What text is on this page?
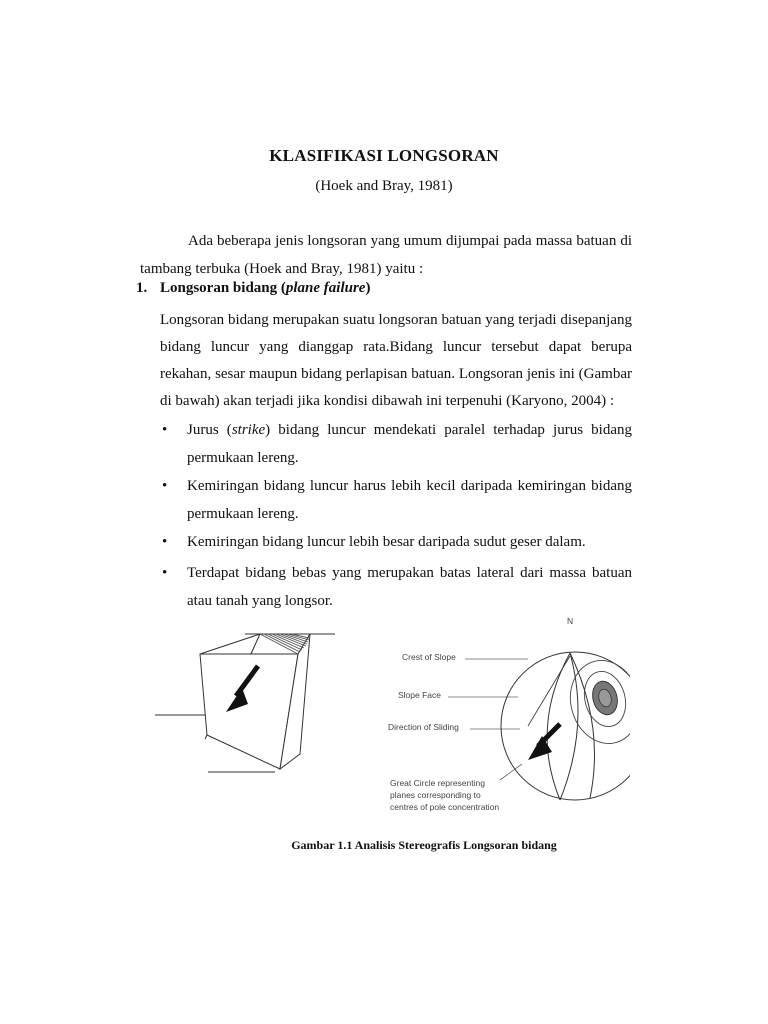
KLASIFIKASI LONGSORAN
(Hoek and Bray, 1981)
Ada beberapa jenis longsoran yang umum dijumpai pada massa batuan di tambang terbuka (Hoek and Bray, 1981) yaitu :
1. Longsoran bidang (plane failure)
Longsoran bidang merupakan suatu longsoran batuan yang terjadi disepanjang bidang luncur yang dianggap rata.Bidang luncur tersebut dapat berupa rekahan, sesar maupun bidang perlapisan batuan. Longsoran jenis ini (Gambar di bawah) akan terjadi jika kondisi dibawah ini terpenuhi (Karyono, 2004) :
• Jurus (strike) bidang luncur mendekati paralel terhadap jurus bidang permukaan lereng.
• Kemiringan bidang luncur harus lebih kecil daripada kemiringan bidang permukaan lereng.
• Kemiringan bidang luncur lebih besar daripada sudut geser dalam.
• Terdapat bidang bebas yang merupakan batas lateral dari massa batuan atau tanah yang longsor.
Crest of Slope
Slope Face
Direction of Sliding
Great Circle representing
planes corresponding to
centres of pole concentration
N
Gambar 1.1 Analisis Stereografis Longsoran bidang
